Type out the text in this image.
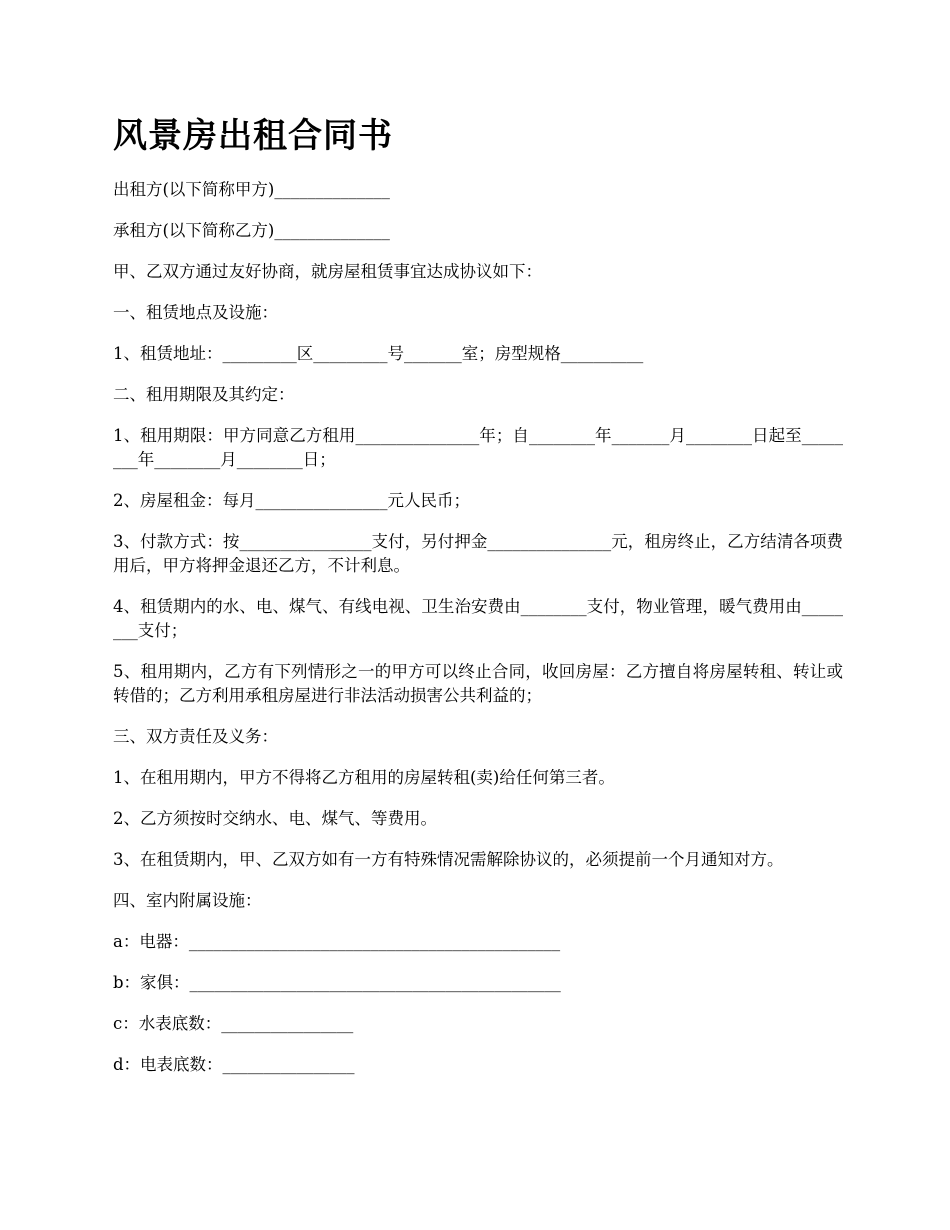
风景房出租合同书

出租方(以下简称甲方)______________

承租方(以下简称乙方)______________

甲、乙双方通过友好协商，就房屋租赁事宜达成协议如下：

一、租赁地点及设施：

1、租赁地址：_________区_________号_______室；房型规格__________

二、租用期限及其约定：

1、租用期限：甲方同意乙方租用_______________年；自________年_______月________日起至________年________月________日；

2、房屋租金：每月________________元人民币；

3、付款方式：按________________支付，另付押金_______________元，租房终止，乙方结清各项费用后，甲方将押金退还乙方，不计利息。

4、租赁期内的水、电、煤气、有线电视、卫生治安费由________支付，物业管理，暖气费用由________支付；

5、租用期内，乙方有下列情形之一的甲方可以终止合同，收回房屋：乙方擅自将房屋转租、转让或转借的；乙方利用承租房屋进行非法活动损害公共利益的；

三、双方责任及义务：

1、在租用期内，甲方不得将乙方租用的房屋转租(卖)给任何第三者。

2、乙方须按时交纳水、电、煤气、等费用。

3、在租赁期内，甲、乙双方如有一方有特殊情况需解除协议的，必须提前一个月通知对方。

四、室内附属设施：

a：电器：_____________________________________________

b：家俱：_____________________________________________

c：水表底数：________________

d：电表底数：________________
